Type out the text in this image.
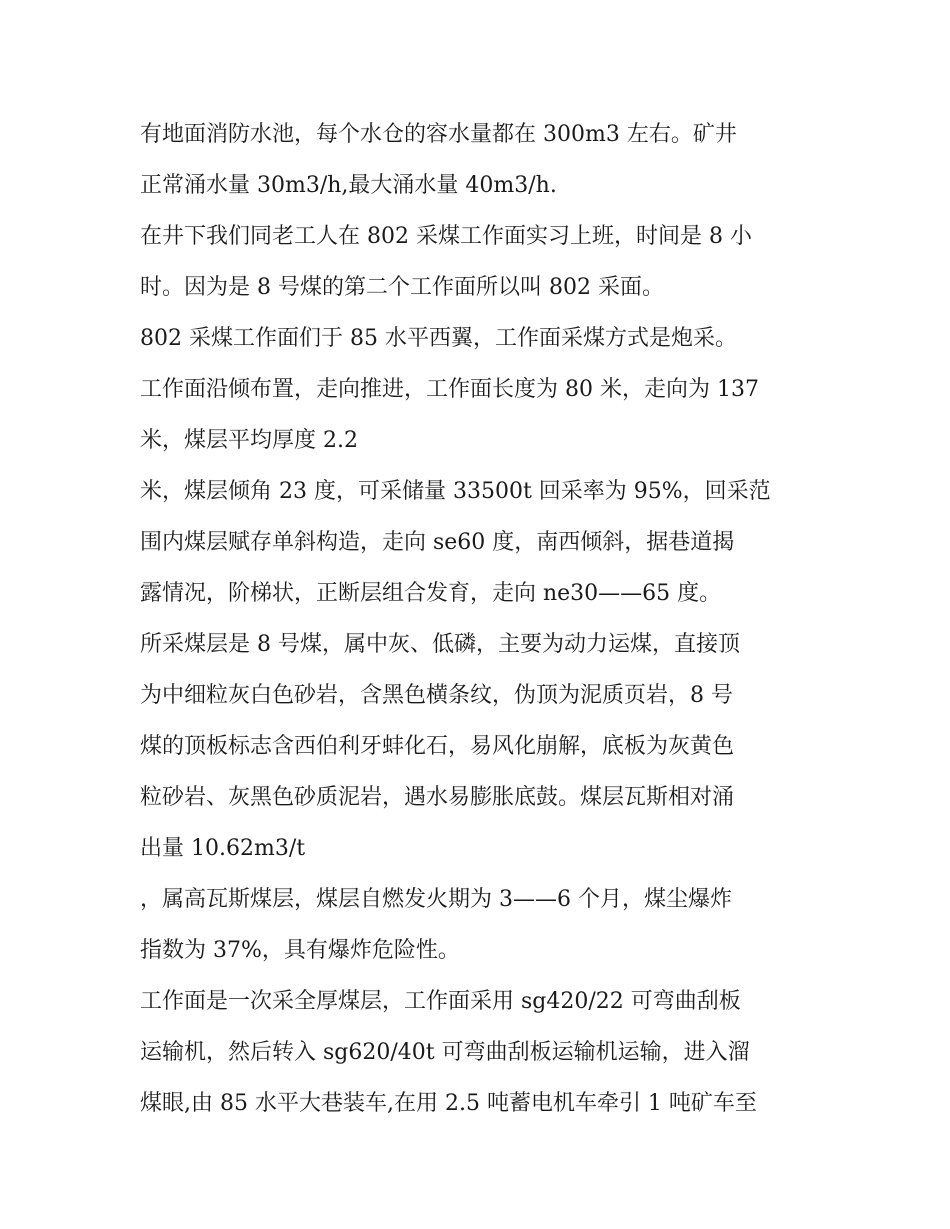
有地面消防水池，每个水仓的容水量都在 300m3 左右。矿井
正常涌水量 30m3/h,最大涌水量 40m3/h.
在井下我们同老工人在 802 采煤工作面实习上班，时间是 8 小
时。因为是 8 号煤的第二个工作面所以叫 802 采面。
802 采煤工作面们于 85 水平西翼，工作面采煤方式是炮采。
工作面沿倾布置，走向推进，工作面长度为 80 米，走向为 137
米，煤层平均厚度 2.2
米，煤层倾角 23 度，可采储量 33500t 回采率为 95%，回采范
围内煤层赋存单斜构造，走向 se60 度，南西倾斜，据巷道揭
露情况，阶梯状，正断层组合发育，走向 ne30——65 度。
所采煤层是 8 号煤，属中灰、低磷，主要为动力运煤，直接顶
为中细粒灰白色砂岩，含黑色横条纹，伪顶为泥质页岩，8 号
煤的顶板标志含西伯利牙蚌化石，易风化崩解，底板为灰黄色
粒砂岩、灰黑色砂质泥岩，遇水易膨胀底鼓。煤层瓦斯相对涌
出量 10.62m3/t
，属高瓦斯煤层，煤层自燃发火期为 3——6 个月，煤尘爆炸
指数为 37%，具有爆炸危险性。
工作面是一次采全厚煤层，工作面采用 sg420/22 可弯曲刮板
运输机，然后转入 sg620/40t 可弯曲刮板运输机运输，进入溜
煤眼,由 85 水平大巷装车,在用 2.5 吨蓄电机车牵引 1 吨矿车至
